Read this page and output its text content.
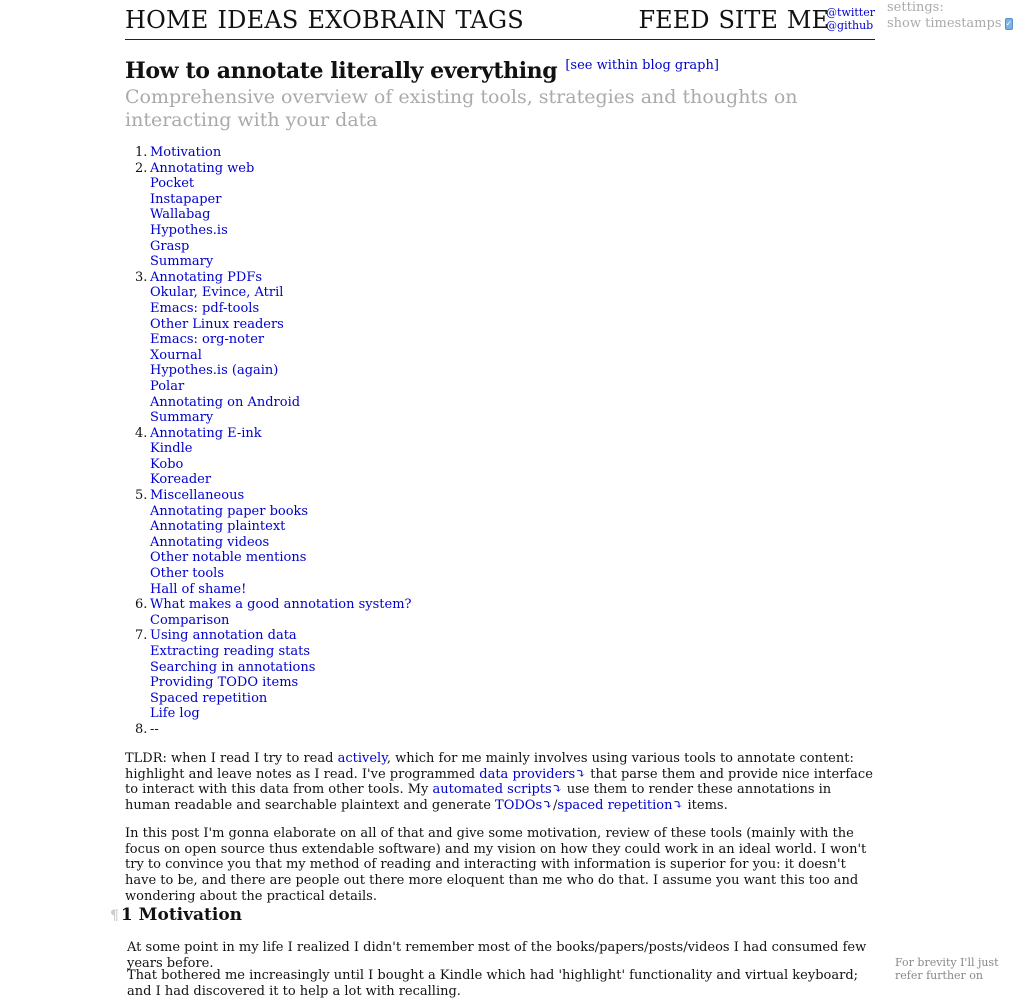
HOME IDEAS EXOBRAIN TAGS	FEED SITE ME
@twitter
@github
settings:
show timestamps ✓
How to annotate literally everything [see within blog graph]
Comprehensive overview of existing tools, strategies and thoughts on interacting with your data
1. Motivation
2. Annotating web
Pocket
Instapaper
Wallabag
Hypothes.is
Grasp
Summary
3. Annotating PDFs
Okular, Evince, Atril
Emacs: pdf-tools
Other Linux readers
Emacs: org-noter
Xournal
Hypothes.is (again)
Polar
Annotating on Android
Summary
4. Annotating E-ink
Kindle
Kobo
Koreader
5. Miscellaneous
Annotating paper books
Annotating plaintext
Annotating videos
Other notable mentions
Other tools
Hall of shame!
6. What makes a good annotation system?
Comparison
7. Using annotation data
Extracting reading stats
Searching in annotations
Providing TODO items
Spaced repetition
Life log
8. --
TLDR: when I read I try to read actively, which for me mainly involves using various tools to annotate content: highlight and leave notes as I read. I've programmed data providers⤵ that parse them and provide nice interface to interact with this data from other tools. My automated scripts⤵ use them to render these annotations in human readable and searchable plaintext and generate TODOs⤵/spaced repetition⤵ items.
In this post I'm gonna elaborate on all of that and give some motivation, review of these tools (mainly with the focus on open source thus extendable software) and my vision on how they could work in an ideal world. I won't try to convince you that my method of reading and interacting with information is superior for you: it doesn't have to be, and there are people out there more eloquent than me who do that. I assume you want this too and wondering about the practical details.
¶ 1 Motivation
At some point in my life I realized I didn't remember most of the books/papers/posts/videos I had consumed few years before.
That bothered me increasingly until I bought a Kindle which had 'highlight' functionality and virtual keyboard; and I had discovered it to help a lot with recalling.
For brevity I'll just refer further on
